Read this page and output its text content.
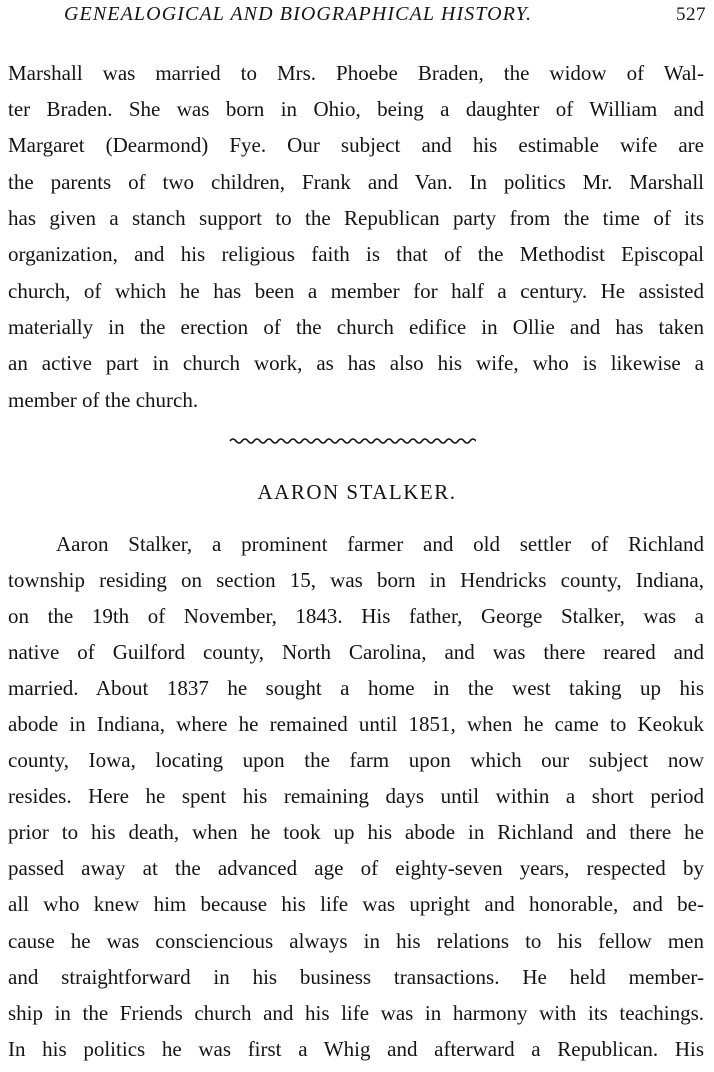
GENEALOGICAL AND BIOGRAPHICAL HISTORY.	527
Marshall was married to Mrs. Phoebe Braden, the widow of Wal-
ter Braden. She was born in Ohio, being a daughter of William and
Margaret (Dearmond) Fye. Our subject and his estimable wife are
the parents of two children, Frank and Van. In politics Mr. Marshall
has given a stanch support to the Republican party from the time of its
organization, and his religious faith is that of the Methodist Episcopal
church, of which he has been a member for half a century. He assisted
materially in the erection of the church edifice in Ollie and has taken
an active part in church work, as has also his wife, who is likewise a
member of the church.
AARON STALKER.
Aaron Stalker, a prominent farmer and old settler of Richland
township residing on section 15, was born in Hendricks county, Indiana,
on the 19th of November, 1843. His father, George Stalker, was a
native of Guilford county, North Carolina, and was there reared and
married. About 1837 he sought a home in the west taking up his
abode in Indiana, where he remained until 1851, when he came to Keokuk
county, Iowa, locating upon the farm upon which our subject now
resides. Here he spent his remaining days until within a short period
prior to his death, when he took up his abode in Richland and there he
passed away at the advanced age of eighty-seven years, respected by
all who knew him because his life was upright and honorable, and be-
cause he was consciencious always in his relations to his fellow men
and straightforward in his business transactions. He held member-
ship in the Friends church and his life was in harmony with its teachings.
In his politics he was first a Whig and afterward a Republican. His
